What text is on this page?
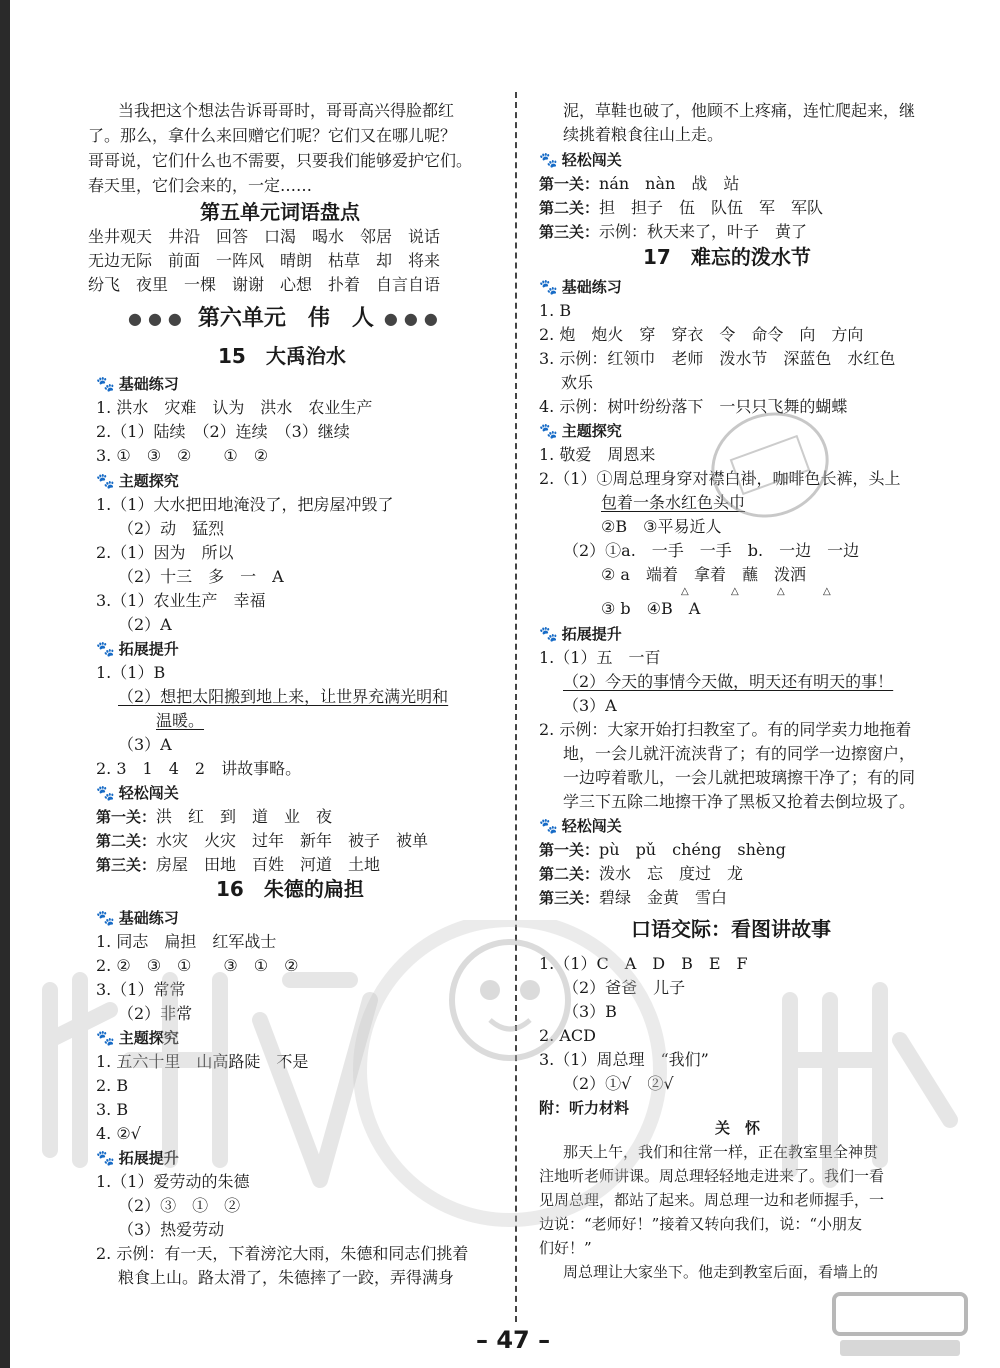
当我把这个想法告诉哥哥时，哥哥高兴得脸都红
了。那么，拿什么来回赠它们呢？它们又在哪儿呢？
哥哥说，它们什么也不需要，只要我们能够爱护它们。
春天里，它们会来的，一定……
第五单元词语盘点
坐井观天　井沿　回答　口渴　喝水　邻居　说话
无边无际　前面　一阵风　晴朗　枯草　却　将来
纷飞　夜里　一棵　谢谢　心想　扑着　自言自语
●●● 第六单元　伟　人 ●●●
15　大禹治水
🐾 基础练习
1. 洪水　灾难　认为　洪水　农业生产
2.（1）陆续　（2）连续　（3）继续
3. ①　③　②　　①　②
🐾 主题探究
1.（1）大水把田地淹没了，把房屋冲毁了
（2）动　猛烈
2.（1）因为　所以
（2）十三　多　一　A
3.（1）农业生产　幸福
（2）A
🐾 拓展提升
1.（1）B
（2）想把太阳搬到地上来，让世界充满光明和
温暖。
（3）A
2. 3　1　4　2　讲故事略。
🐾 轻松闯关
第一关：洪　红　到　道　业　夜
第二关：水灾　火灾　过年　新年　被子　被单
第三关：房屋　田地　百姓　河道　土地
16　朱德的扁担
🐾 基础练习
1. 同志　扁担　红军战士
2. ②　③　①　　③　①　②
3.（1）常常
（2）非常
🐾 主题探究
1. 五六十里　山高路陡　不是
2. B
3. B
4. ②√
🐾 拓展提升
1.（1）爱劳动的朱德
（2）③　①　②
（3）热爱劳动
2. 示例：有一天，下着滂沱大雨，朱德和同志们挑着
粮食上山。路太滑了，朱德摔了一跤，弄得满身
泥，草鞋也破了，他顾不上疼痛，连忙爬起来，继
续挑着粮食往山上走。
🐾 轻松闯关
第一关：nán　nàn　战　站
第二关：担　担子　伍　队伍　军　军队
第三关：示例：秋天来了，叶子　黄了
17　难忘的泼水节
🐾 基础练习
1. B
2. 炮　炮火　穿　穿衣　令　命令　向　方向
3. 示例：红领巾　老师　泼水节　深蓝色　水红色
欢乐
4. 示例：树叶纷纷落下　一只只飞舞的蝴蝶
🐾 主题探究
1. 敬爱　周恩来
2.（1）①周总理身穿对襟白褂，咖啡色长裤，头上
包着一条水红色头巾
②B　③平易近人
（2）①a.　一手　一手　b.　一边　一边
② a　端着　拿着　蘸　泼洒
△	△	△	△
③ b　④B　A
🐾 拓展提升
1.（1）五　一百
（2）今天的事情今天做，明天还有明天的事！
（3）A
2. 示例：大家开始打扫教室了。有的同学卖力地拖着
地，一会儿就汗流浃背了；有的同学一边擦窗户，
一边哼着歌儿，一会儿就把玻璃擦干净了；有的同
学三下五除二地擦干净了黑板又抢着去倒垃圾了。
🐾 轻松闯关
第一关：pù　pǔ　chéng　shèng
第二关：泼水　忘　度过　龙
第三关：碧绿　金黄　雪白
口语交际：看图讲故事
1.（1）C　A　D　B　E　F
（2）爸爸　儿子
（3）B
2. ACD
3.（1）周总理　“我们”
（2）①√　②√
附：听力材料
关　怀
那天上午，我们和往常一样，正在教室里全神贯
注地听老师讲课。周总理轻轻地走进来了。我们一看
见周总理，都站了起来。周总理一边和老师握手，一
边说：“老师好！”接着又转向我们，说：“小朋友
们好！”
周总理让大家坐下。他走到教室后面，看墙上的
– 47 –
